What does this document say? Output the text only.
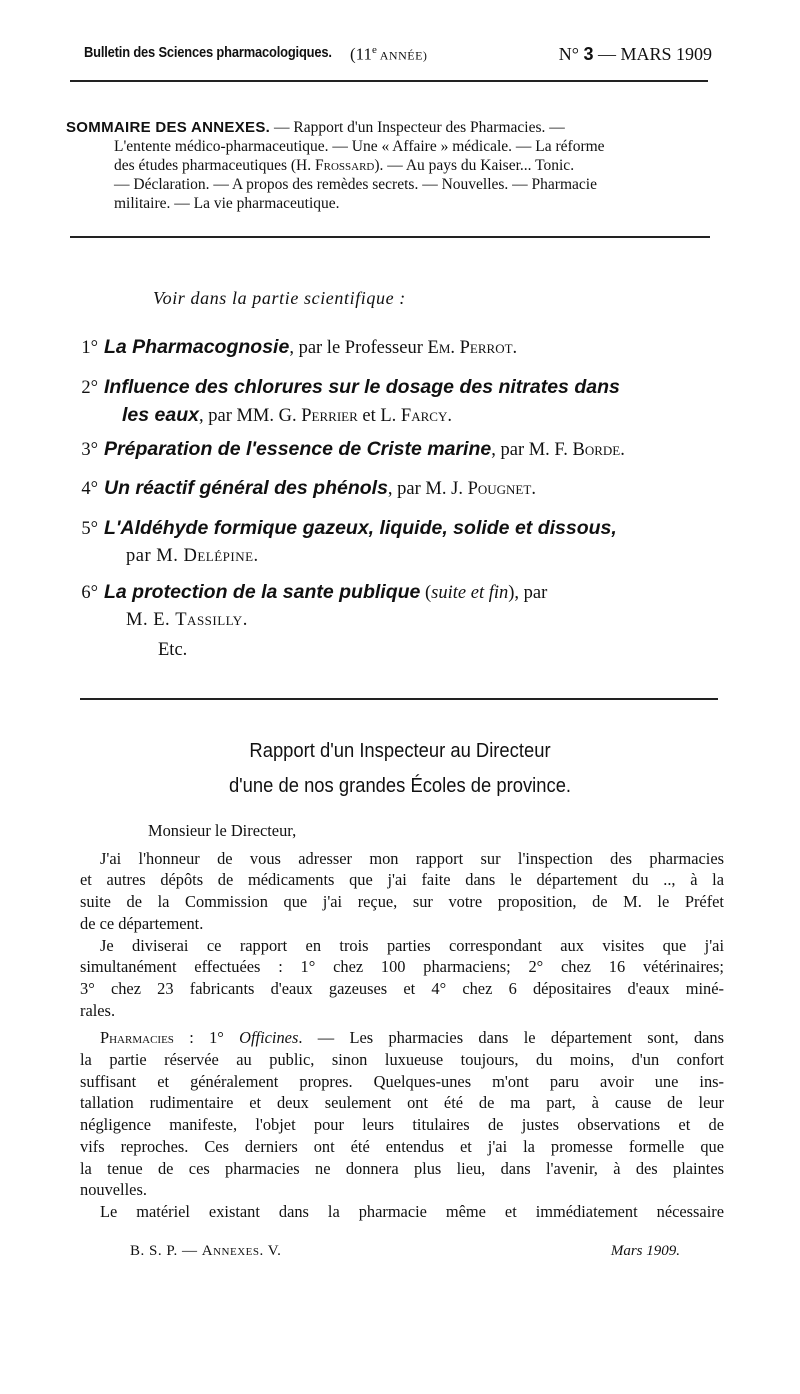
Bulletin des Sciences pharmacologiques. (11e ANNÉE)	N° 3 — MARS 1909
SOMMAIRE DES ANNEXES. — Rapport d'un Inspecteur des Pharmacies. —
L'entente médico-pharmaceutique. — Une « Affaire » médicale. — La réforme
des études pharmaceutiques (H. Frossard). — Au pays du Kaiser... Tonic.
— Déclaration. — A propos des remèdes secrets. — Nouvelles. — Pharmacie
militaire. — La vie pharmaceutique.
Voir dans la partie scientifique :
1° La Pharmacognosie, par le Professeur Em. Perrot.
2° Influence des chlorures sur le dosage des nitrates dans
les eaux, par MM. G. Perrier et L. Farcy.
3° Préparation de l'essence de Criste marine, par M. F. Borde.
4° Un réactif général des phénols, par M. J. Pougnet.
5° L'Aldéhyde formique gazeux, liquide, solide et dissous,
par M. Delépine.
6° La protection de la sante publique (suite et fin), par
M. E. Tassilly.
Etc.
Rapport d'un Inspecteur au Directeur
d'une de nos grandes Écoles de province.
Monsieur le Directeur,
J'ai l'honneur de vous adresser mon rapport sur l'inspection des pharmacies
et autres dépôts de médicaments que j'ai faite dans le département du .., à la
suite de la Commission que j'ai reçue, sur votre proposition, de M. le Préfet
de ce département.
Je diviserai ce rapport en trois parties correspondant aux visites que j'ai
simultanément effectuées : 1° chez 100 pharmaciens; 2° chez 16 vétérinaires;
3° chez 23 fabricants d'eaux gazeuses et 4° chez 6 dépositaires d'eaux miné-
rales.
Pharmacies : 1° Officines. — Les pharmacies dans le département sont, dans
la partie réservée au public, sinon luxueuse toujours, du moins, d'un confort
suffisant et généralement propres. Quelques-unes m'ont paru avoir une ins-
tallation rudimentaire et deux seulement ont été de ma part, à cause de leur
négligence manifeste, l'objet pour leurs titulaires de justes observations et de
vifs reproches. Ces derniers ont été entendus et j'ai la promesse formelle que
la tenue de ces pharmacies ne donnera plus lieu, dans l'avenir, à des plaintes
nouvelles.
Le matériel existant dans la pharmacie même et immédiatement nécessaire
B. S. P. — Annexes. V.	Mars 1909.
